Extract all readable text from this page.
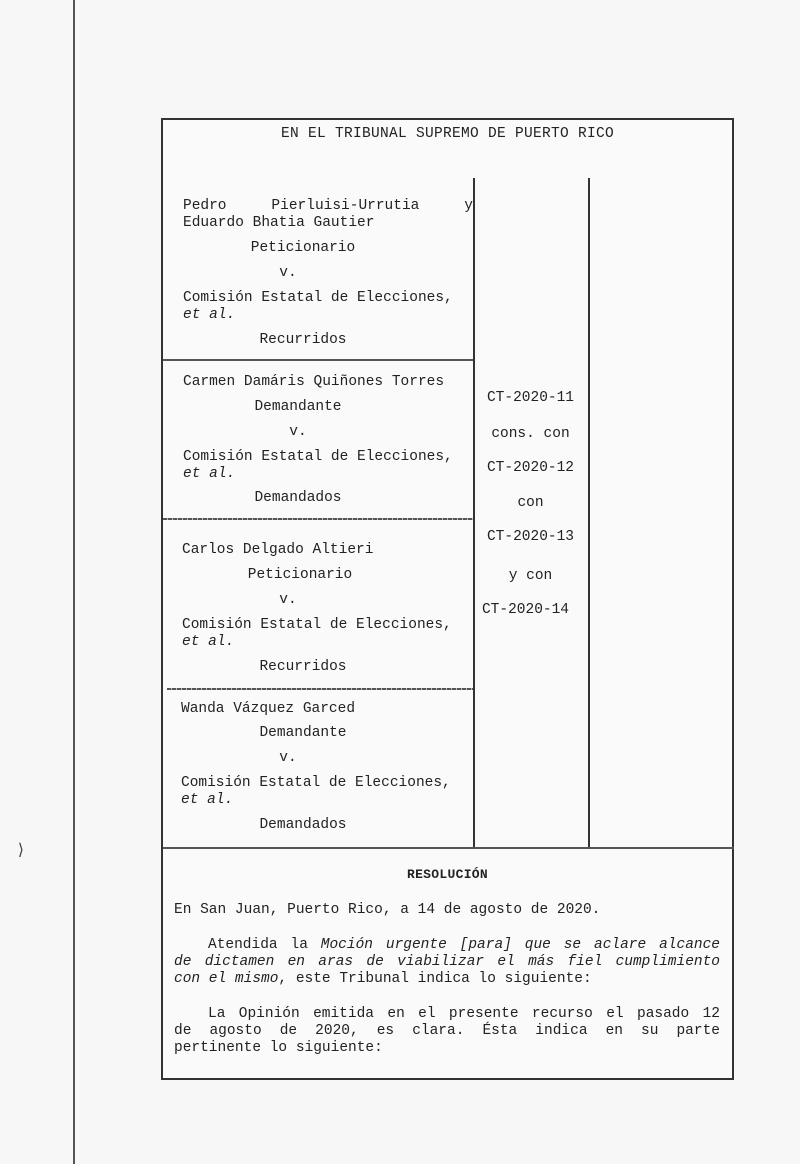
⟩
EN EL TRIBUNAL SUPREMO DE PUERTO RICO
Pedro Pierluisi-Urrutia y
Eduardo Bhatia Gautier
Peticionario
v.
Comisión Estatal de Elecciones,
et al.
Recurridos
Carmen Damáris Quiñones Torres
Demandante
v.
Comisión Estatal de Elecciones,
et al.
Demandados
Carlos Delgado Altieri
Peticionario
v.
Comisión Estatal de Elecciones,
et al.
Recurridos
Wanda Vázquez Garced
Demandante
v.
Comisión Estatal de Elecciones,
et al.
Demandados
CT-2020-11
cons. con
CT-2020-12
con
CT-2020-13
y con
CT-2020-14
RESOLUCIÓN
En San Juan, Puerto Rico, a 14 de agosto de 2020.
Atendida la Moción urgente [para] que se aclare alcance
de dictamen en aras de viabilizar el más fiel cumplimiento
con el mismo, este Tribunal indica lo siguiente:
La Opinión emitida en el presente recurso el pasado 12
de agosto de 2020, es clara. Ésta indica en su parte
pertinente lo siguiente:
